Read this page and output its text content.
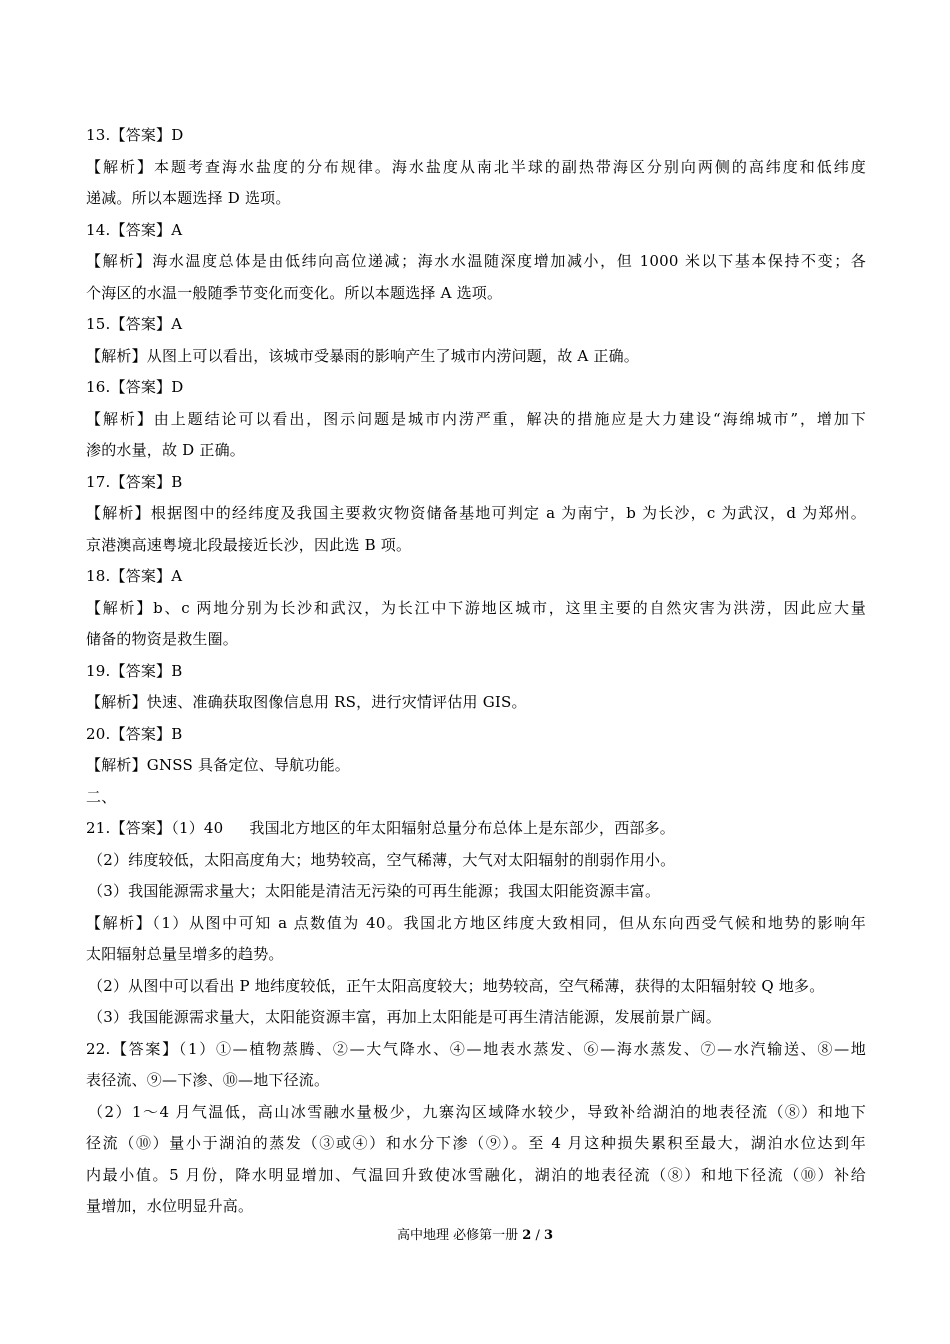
13.【答案】D
【解析】本题考查海水盐度的分布规律。海水盐度从南北半球的副热带海区分别向两侧的高纬度和低纬度
递减。所以本题选择 D 选项。
14.【答案】A
【解析】海水温度总体是由低纬向高位递减；海水水温随深度增加减小，但 1000 米以下基本保持不变；各
个海区的水温一般随季节变化而变化。所以本题选择 A 选项。
15.【答案】A
【解析】从图上可以看出，该城市受暴雨的影响产生了城市内涝问题，故 A 正确。
16.【答案】D
【解析】由上题结论可以看出，图示问题是城市内涝严重，解决的措施应是大力建设“海绵城市”，增加下
渗的水量，故 D 正确。
17.【答案】B
【解析】根据图中的经纬度及我国主要救灾物资储备基地可判定 a 为南宁，b 为长沙，c 为武汉，d 为郑州。
京港澳高速粤境北段最接近长沙，因此选 B 项。
18.【答案】A
【解析】b、c 两地分别为长沙和武汉，为长江中下游地区城市，这里主要的自然灾害为洪涝，因此应大量
储备的物资是救生圈。
19.【答案】B
【解析】快速、准确获取图像信息用 RS，进行灾情评估用 GIS。
20.【答案】B
【解析】GNSS 具备定位、导航功能。
二、
21.【答案】（1）40 我国北方地区的年太阳辐射总量分布总体上是东部少，西部多。
（2）纬度较低，太阳高度角大；地势较高，空气稀薄，大气对太阳辐射的削弱作用小。
（3）我国能源需求量大；太阳能是清洁无污染的可再生能源；我国太阳能资源丰富。
【解析】（1）从图中可知 a 点数值为 40。我国北方地区纬度大致相同，但从东向西受气候和地势的影响年
太阳辐射总量呈增多的趋势。
（2）从图中可以看出 P 地纬度较低，正午太阳高度较大；地势较高，空气稀薄，获得的太阳辐射较 Q 地多。
（3）我国能源需求量大，太阳能资源丰富，再加上太阳能是可再生清洁能源，发展前景广阔。
22.【答案】（1）①—植物蒸腾、②—大气降水、④—地表水蒸发、⑥—海水蒸发、⑦—水汽输送、⑧—地
表径流、⑨—下渗、⑩—地下径流。
（2）1～4 月气温低，高山冰雪融水量极少，九寨沟区域降水较少，导致补给湖泊的地表径流（⑧）和地下
径流（⑩）量小于湖泊的蒸发（③或④）和水分下渗（⑨）。至 4 月这种损失累积至最大，湖泊水位达到年
内最小值。5 月份，降水明显增加、气温回升致使冰雪融化，湖泊的地表径流（⑧）和地下径流（⑩）补给
量增加，水位明显升高。
高中地理 必修第一册 2 / 3
